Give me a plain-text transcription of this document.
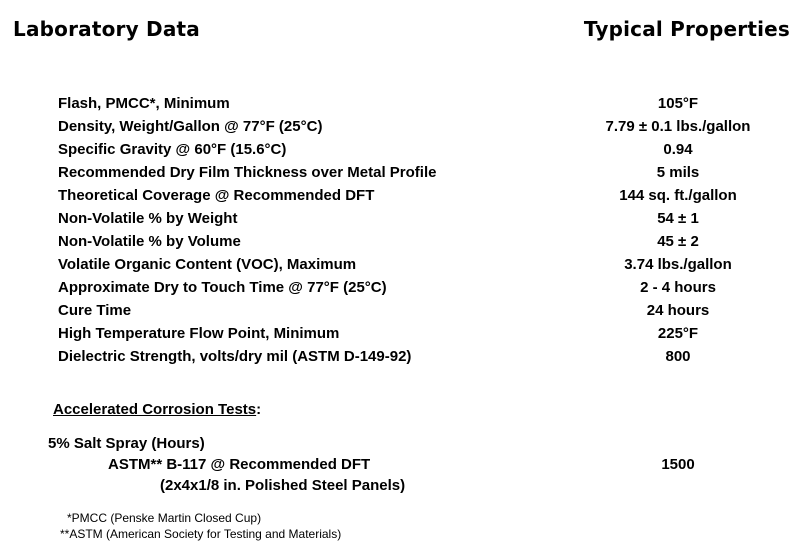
Laboratory Data	Typical Properties
Flash, PMCC*, Minimum	105°F
Density, Weight/Gallon @ 77°F (25°C)	7.79 ± 0.1 lbs./gallon
Specific Gravity @ 60°F (15.6°C)	0.94
Recommended Dry Film Thickness over Metal Profile	5 mils
Theoretical Coverage @ Recommended DFT	144 sq. ft./gallon
Non-Volatile % by Weight	54 ± 1
Non-Volatile % by Volume	45 ± 2
Volatile Organic Content (VOC), Maximum	3.74 lbs./gallon
Approximate Dry to Touch Time @ 77°F (25°C)	2 - 4 hours
Cure Time	24 hours
High Temperature Flow Point, Minimum	225°F
Dielectric Strength, volts/dry mil (ASTM D-149-92)	800
Accelerated Corrosion Tests:
5% Salt Spray (Hours)
ASTM** B-117 @ Recommended DFT	1500
(2x4x1/8 in. Polished Steel Panels)
*PMCC (Penske Martin Closed Cup)
**ASTM (American Society for Testing and Materials)
